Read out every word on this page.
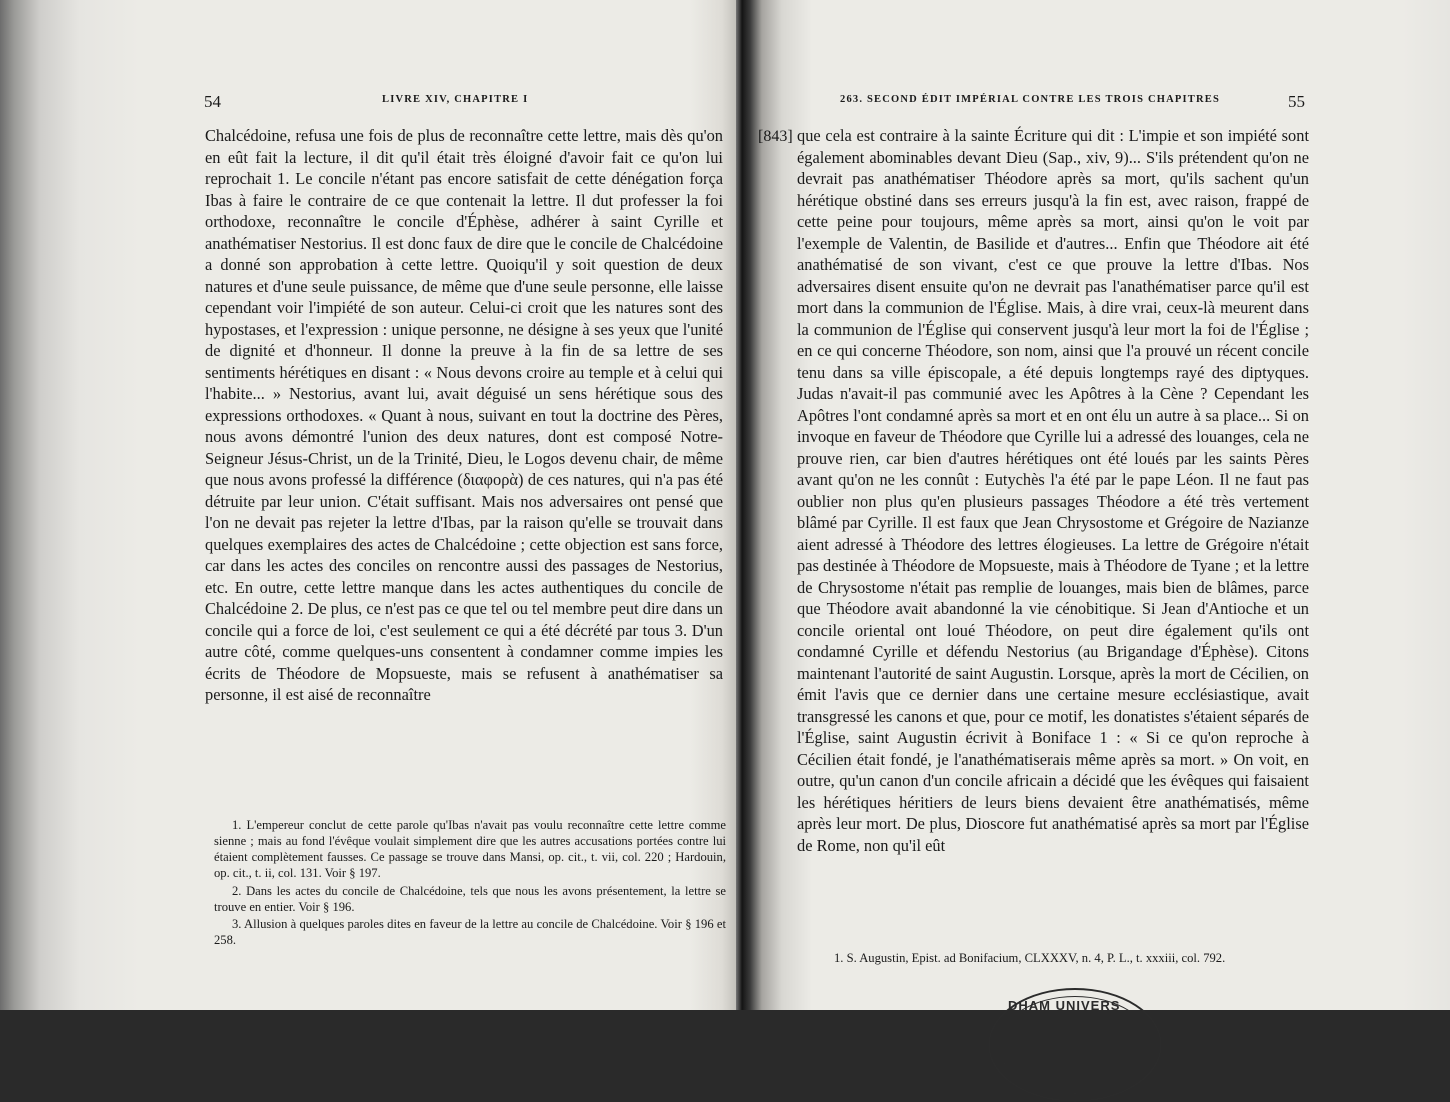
54	LIVRE XIV, CHAPITRE I

Chalcédoine, refusa une fois de plus de reconnaître cette lettre, mais dès qu'on en eût fait la lecture, il dit qu'il était très éloigné d'avoir fait ce qu'on lui reprochait 1. Le concile n'étant pas encore satisfait de cette dénégation força Ibas à faire le contraire de ce que contenait la lettre. Il dut professer la foi orthodoxe, reconnaître le concile d'Éphèse, adhérer à saint Cyrille et anathématiser Nestorius. Il est donc faux de dire que le concile de Chalcédoine a donné son approbation à cette lettre. Quoiqu'il y soit question de deux natures et d'une seule puissance, de même que d'une seule personne, elle laisse cependant voir l'impiété de son auteur. Celui-ci croit que les natures sont des hypostases, et l'expression : unique personne, ne désigne à ses yeux que l'unité de dignité et d'honneur. Il donne la preuve à la fin de sa lettre de ses sentiments hérétiques en disant : « Nous devons croire au temple et à celui qui l'habite... » Nestorius, avant lui, avait déguisé un sens hérétique sous des expressions orthodoxes. « Quant à nous, suivant en tout la doctrine des Pères, nous avons démontré l'union des deux natures, dont est composé Notre-Seigneur Jésus-Christ, un de la Trinité, Dieu, le Logos devenu chair, de même que nous avons professé la différence (διαφορὰ) de ces natures, qui n'a pas été détruite par leur union. C'était suffisant. Mais nos adversaires ont pensé que l'on ne devait pas rejeter la lettre d'Ibas, par la raison qu'elle se trouvait dans quelques exemplaires des actes de Chalcédoine ; cette objection est sans force, car dans les actes des conciles on rencontre aussi des passages de Nestorius, etc. En outre, cette lettre manque dans les actes authentiques du concile de Chalcédoine 2. De plus, ce n'est pas ce que tel ou tel membre peut dire dans un concile qui a force de loi, c'est seulement ce qui a été décrété par tous 3. D'un autre côté, comme quelques-uns consentent à condamner comme impies les écrits de Théodore de Mopsueste, mais se refusent à anathématiser sa personne, il est aisé de reconnaître

1. L'empereur conclut de cette parole qu'Ibas n'avait pas voulu reconnaître cette lettre comme sienne ; mais au fond l'évêque voulait simplement dire que les autres accusations portées contre lui étaient complètement fausses. Ce passage se trouve dans Mansi, op. cit., t. vii, col. 220 ; Hardouin, op. cit., t. ii, col. 131. Voir § 197.

2. Dans les actes du concile de Chalcédoine, tels que nous les avons présentement, la lettre se trouve en entier. Voir § 196.

3. Allusion à quelques paroles dites en faveur de la lettre au concile de Chalcédoine. Voir § 196 et 258.

263. SECOND ÉDIT IMPÉRIAL CONTRE LES TROIS CHAPITRES	55
[843] que cela est contraire à la sainte Écriture qui dit : L'impie et son impiété sont également abominables devant Dieu (Sap., xiv, 9)... S'ils prétendent qu'on ne devrait pas anathématiser Théodore après sa mort, qu'ils sachent qu'un hérétique obstiné dans ses erreurs jusqu'à la fin est, avec raison, frappé de cette peine pour toujours, même après sa mort, ainsi qu'on le voit par l'exemple de Valentin, de Basilide et d'autres... Enfin que Théodore ait été anathématisé de son vivant, c'est ce que prouve la lettre d'Ibas. Nos adversaires disent ensuite qu'on ne devrait pas l'anathématiser parce qu'il est mort dans la communion de l'Église. Mais, à dire vrai, ceux-là meurent dans la communion de l'Église qui conservent jusqu'à leur mort la foi de l'Église ; en ce qui concerne Théodore, son nom, ainsi que l'a prouvé un récent concile tenu dans sa ville épiscopale, a été depuis longtemps rayé des diptyques. Judas n'avait-il pas communié avec les Apôtres à la Cène ? Cependant les Apôtres l'ont condamné après sa mort et en ont élu un autre à sa place... Si on invoque en faveur de Théodore que Cyrille lui a adressé des louanges, cela ne prouve rien, car bien d'autres hérétiques ont été loués par les saints Pères avant qu'on ne les connût : Eutychès l'a été par le pape Léon. Il ne faut pas oublier non plus qu'en plusieurs passages Théodore a été très vertement blâmé par Cyrille. Il est faux que Jean Chrysostome et Grégoire de Nazianze aient adressé à Théodore des lettres élogieuses. La lettre de Grégoire n'était pas destinée à Théodore de Mopsueste, mais à Théodore de Tyane ; et la lettre de Chrysostome n'était pas remplie de louanges, mais bien de blâmes, parce que Théodore avait abandonné la vie cénobitique. Si Jean d'Antioche et un concile oriental ont loué Théodore, on peut dire également qu'ils ont condamné Cyrille et défendu Nestorius (au Brigandage d'Éphèse). Citons maintenant l'autorité de saint Augustin. Lorsque, après la mort de Cécilien, on émit l'avis que ce dernier dans une certaine mesure ecclésiastique, avait transgressé les canons et que, pour ce motif, les donatistes s'étaient séparés de l'Église, saint Augustin écrivit à Boniface 1 : « Si ce qu'on reproche à Cécilien était fondé, je l'anathématiserais même après sa mort. » On voit, en outre, qu'un canon d'un concile africain a décidé que les évêques qui faisaient les hérétiques héritiers de leurs biens devaient être anathématisés, même après leur mort. De plus, Dioscore fut anathématisé après sa mort par l'Église de Rome, non qu'il eût

1. S. Augustin, Epist. ad Bonifacium, CLXXXV, n. 4, P. L., t. xxxiii, col. 792.

DHAM UNIVERS
